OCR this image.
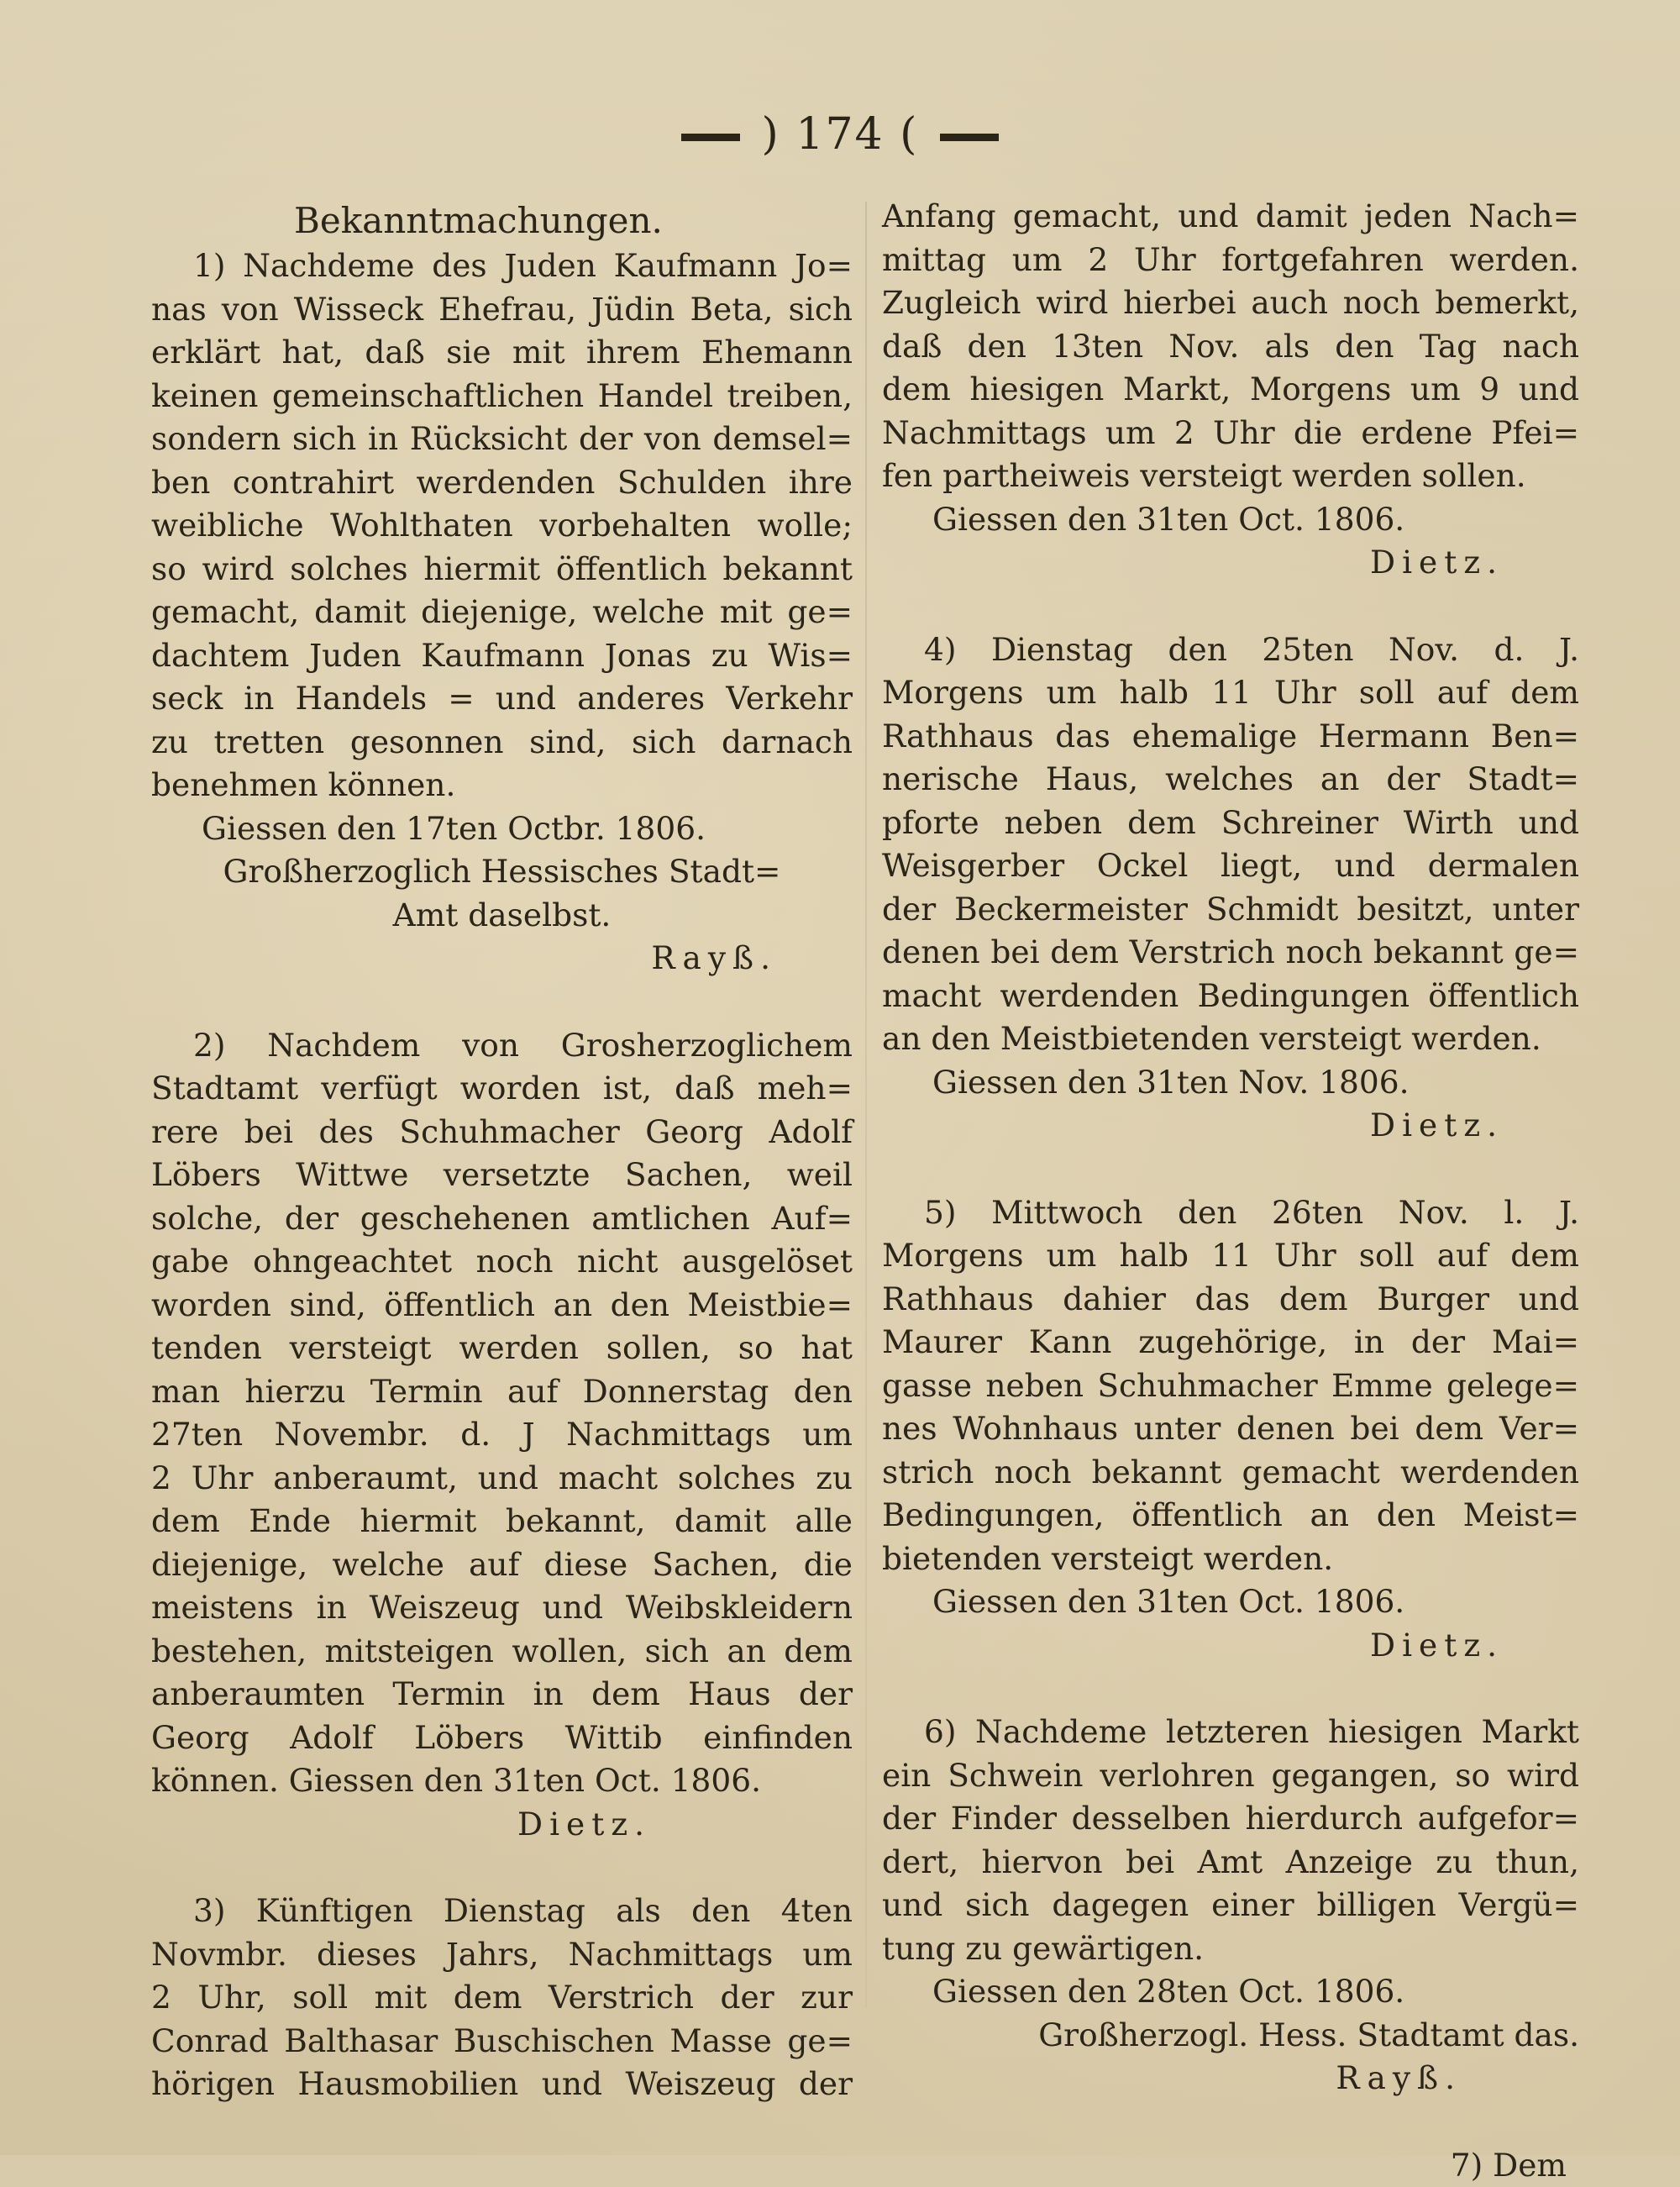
) 174 (
Bekanntmachungen.

1) Nachdeme des Juden Kaufmann Jo=

nas von Wisseck Ehefrau, Jüdin Beta, sich

erklärt hat, daß sie mit ihrem Ehemann

keinen gemeinschaftlichen Handel treiben,

sondern sich in Rücksicht der von demsel=

ben contrahirt werdenden Schulden ihre

weibliche Wohlthaten vorbehalten wolle;

so wird solches hiermit öffentlich bekannt

gemacht, damit diejenige, welche mit ge=

dachtem Juden Kaufmann Jonas zu Wis=

seck in Handels = und anderes Verkehr

zu tretten gesonnen sind, sich darnach

benehmen können.

Giessen den 17ten Octbr. 1806.
Großherzoglich Hessisches Stadt=
Amt daselbst.
Rayß.

2) Nachdem von Grosherzoglichem

Stadtamt verfügt worden ist, daß meh=

rere bei des Schuhmacher Georg Adolf

Löbers Wittwe versetzte Sachen, weil

solche, der geschehenen amtlichen Auf=

gabe ohngeachtet noch nicht ausgelöset

worden sind, öffentlich an den Meistbie=

tenden versteigt werden sollen, so hat

man hierzu Termin auf Donnerstag den

27ten Novembr. d. J Nachmittags um

2 Uhr anberaumt, und macht solches zu

dem Ende hiermit bekannt, damit alle

diejenige, welche auf diese Sachen, die

meistens in Weiszeug und Weibskleidern

bestehen, mitsteigen wollen, sich an dem

anberaumten Termin in dem Haus der

Georg Adolf Löbers Wittib einfinden

können. Giessen den 31ten Oct. 1806.

Dietz.

3) Künftigen Dienstag als den 4ten

Novmbr. dieses Jahrs, Nachmittags um

2 Uhr, soll mit dem Verstrich der zur

Conrad Balthasar Buschischen Masse ge=

hörigen Hausmobilien und Weiszeug der

Anfang gemacht, und damit jeden Nach=

mittag um 2 Uhr fortgefahren werden.

Zugleich wird hierbei auch noch bemerkt,

daß den 13ten Nov. als den Tag nach

dem hiesigen Markt, Morgens um 9 und

Nachmittags um 2 Uhr die erdene Pfei=

fen partheiweis versteigt werden sollen.

Giessen den 31ten Oct. 1806.
Dietz.

4) Dienstag den 25ten Nov. d. J.

Morgens um halb 11 Uhr soll auf dem

Rathhaus das ehemalige Hermann Ben=

nerische Haus, welches an der Stadt=

pforte neben dem Schreiner Wirth und

Weisgerber Ockel liegt, und dermalen

der Beckermeister Schmidt besitzt, unter

denen bei dem Verstrich noch bekannt ge=

macht werdenden Bedingungen öffentlich

an den Meistbietenden versteigt werden.

Giessen den 31ten Nov. 1806.
Dietz.

5) Mittwoch den 26ten Nov. l. J.

Morgens um halb 11 Uhr soll auf dem

Rathhaus dahier das dem Burger und

Maurer Kann zugehörige, in der Mai=

gasse neben Schuhmacher Emme gelege=

nes Wohnhaus unter denen bei dem Ver=

strich noch bekannt gemacht werdenden

Bedingungen, öffentlich an den Meist=

bietenden versteigt werden.

Giessen den 31ten Oct. 1806.
Dietz.

6) Nachdeme letzteren hiesigen Markt

ein Schwein verlohren gegangen, so wird

der Finder desselben hierdurch aufgefor=

dert, hiervon bei Amt Anzeige zu thun,

und sich dagegen einer billigen Vergü=

tung zu gewärtigen.

Giessen den 28ten Oct. 1806.
Großherzogl. Hess. Stadtamt das.
Rayß.
7) Dem
